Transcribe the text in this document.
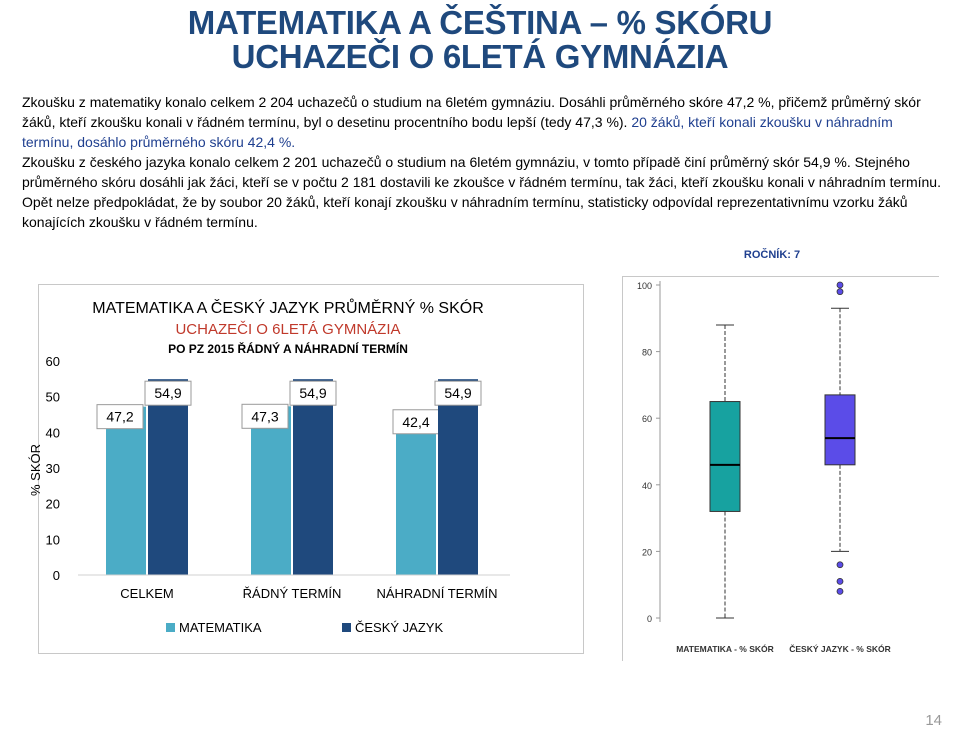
MATEMATIKA A ČEŠTINA – % SKÓRU
UCHAZEČI O 6LETÁ GYMNÁZIA

Zkoušku z matematiky konalo celkem 2 204 uchazečů o studium na 6letém gymnáziu. Dosáhli průměrného skóre 47,2 %, přičemž průměrný skór žáků, kteří zkoušku konali v řádném termínu, byl o desetinu procentního bodu lepší (tedy 47,3 %). 20 žáků, kteří konali zkoušku v náhradním termínu, dosáhlo průměrného skóru 42,4 %.

Zkoušku z českého jazyka konalo celkem 2 201 uchazečů o studium na 6letém gymnáziu, v tomto případě činí průměrný skór 54,9 %. Stejného průměrného skóru dosáhli jak žáci, kteří se v počtu 2 181 dostavili ke zkoušce v řádném termínu, tak žáci, kteří zkoušku konali v náhradním termínu.

Opět nelze předpokládat, že by soubor 20 žáků, kteří konají zkoušku v náhradním termínu, statisticky odpovídal reprezentativnímu vzorku žáků konajících zkoušku v řádném termínu.

MATEMATIKA A ČESKÝ JAZYK PRŮMĚRNÝ % SKÓR
UCHAZEČI O 6LETÁ GYMNÁZIA
PO PZ 2015 ŘÁDNÝ A NÁHRADNÍ TERMÍN
0
10
20
30
40
50
60
% SKÓR
47,2	47,3	42,4
54,9	54,9	54,9
CELKEM	ŘÁDNÝ TERMÍN	NÁHRADNÍ TERMÍN
MATEMATIKA	ČESKÝ JAZYK
ROČNÍK: 7
0
20
40
60
80
100
MATEMATIKA - % SKÓR ČESKÝ JAZYK - % SKÓR
14
